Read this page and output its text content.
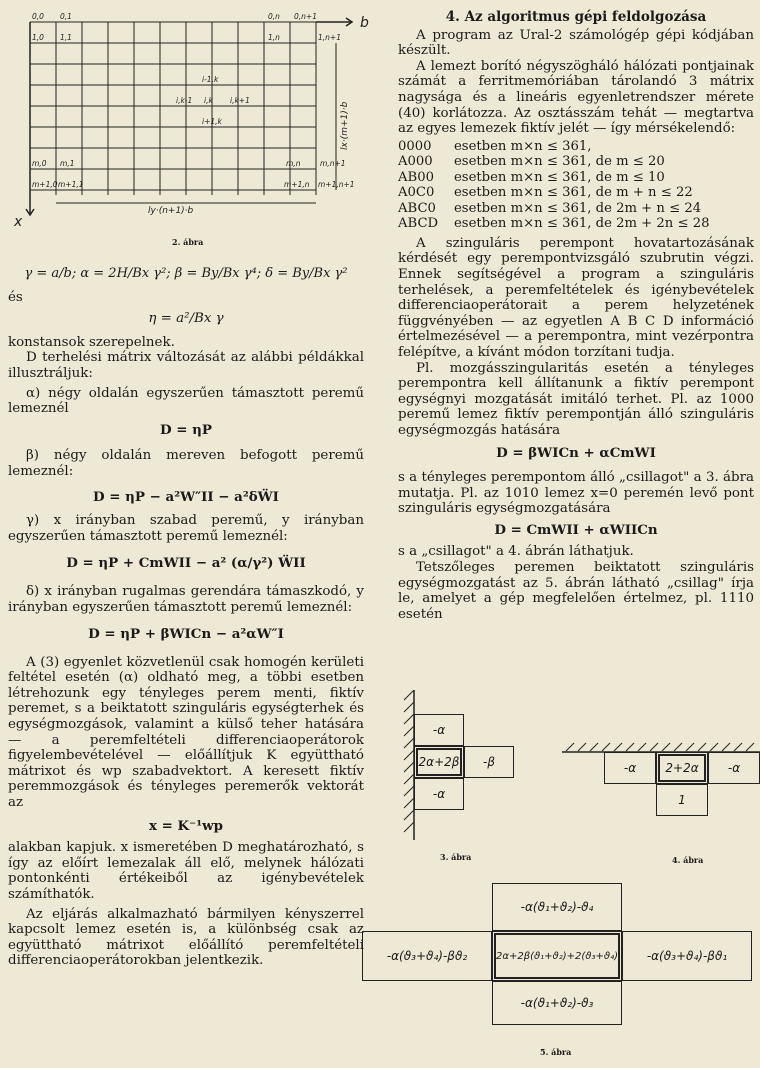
0,0 0,1	0,n 0,n+1
1,0 1,1	1,n	1,n+1
i-1,k
i,k-1 i,k i,k+1
i+1,k
m,0 m,1	m,n	m,n+1
m+1,0 m+1,1	m+1,n m+1,n+1
b
x
ly·(n+1)·b
lx·(m+1)·b
2. ábra

γ = a/b; α = 2H/Bx γ²; β = By/Bx γ⁴; δ = By/Bx γ²

és

η = a²/Bx γ

konstansok szerepelnek.

D terhelési mátrix változását az alábbi példákkal illusztráljuk:

α) négy oldalán egyszerűen támasztott peremű lemeznél

D = ηP

β) négy oldalán mereven befogott peremű lemeznél:

D = ηP − a²W″II − a²δẄI

γ) x irányban szabad peremű, y irányban egyszerűen támasztott peremű lemeznél:

D = ηP + CmWII − a² (α/γ²) ẄII

δ) x irányban rugalmas gerendára támaszkodó, y irányban egyszerűen támasztott peremű lemeznél:

D = ηP + βWICn − a²αW″I

A (3) egyenlet közvetlenül csak homogén kerületi feltétel esetén (α) oldható meg, a többi esetben létrehozunk egy tényleges perem menti, fiktív peremet, s a beiktatott szinguláris egységterhek és egységmozgások, valamint a külső teher hatására — a peremfeltételi differenciaoperátorok figyelembevételével — előállítjuk K együttható mátrixot és wp szabadvektort. A keresett fiktív peremmozgások és tényleges peremerők vektorát az

x = K⁻¹wp

alakban kapjuk. x ismeretében D meghatározható, s így az előírt lemezalak áll elő, melynek hálózati pontonkénti értékeiből az igénybevételek számíthatók.

Az eljárás alkalmazható bármilyen kényszerrel kapcsolt lemez esetén is, a különbség csak az együttható mátrixot előállító peremfeltételi differenciaoperátorokban jelentkezik.

4. Az algoritmus gépi feldolgozása

A program az Ural-2 számológép gépi kódjában készült.

A lemezt borító négyszögháló hálózati pontjainak számát a ferritmemóriában tárolandó 3 mátrix nagysága és a lineáris egyenletrendszer mérete (40) korlátozza. Az osztásszám tehát — megtartva az egyes lemezek fiktív jelét — így mérsékelendő:

0000	esetben m×n ≤ 361,
A000	esetben m×n ≤ 361, de m ≤ 20
AB00	esetben m×n ≤ 361, de m ≤ 10
A0C0	esetben m×n ≤ 361, de m + n ≤ 22
ABC0	esetben m×n ≤ 361, de 2m + n ≤ 24
ABCD	esetben m×n ≤ 361, de 2m + 2n ≤ 28

A szinguláris perempont hovatartozásának kérdését egy perempontvizsgáló szubrutin végzi. Ennek segítségével a program a szinguláris terhelések, a peremfeltételek és igénybevételek differenciaoperátorait a perem helyzetének függvényében — az egyetlen A B C D információ értelmezésével — a perempontra, mint vezérpontra felépítve, a kívánt módon torzítani tudja.

Pl. mozgásszingularitás esetén a tényleges perempontra kell állítanunk a fiktív perempont egységnyi mozgatását imitáló terhet. Pl. az 1000 peremű lemez fiktív perempontján álló szinguláris egységmozgás hatására

D = βWICn + αCmWI

s a tényleges perempontom álló „csillagot" a 3. ábra mutatja. Pl. az 1010 lemez x=0 peremén levő pont szinguláris egységmozgatására

D = CmWII + αWIICn

s a „csillagot" a 4. ábrán láthatjuk.

Tetszőleges peremen beiktatott szinguláris egységmozgatást az 5. ábrán látható „csillag" írja le, amelyet a gép megfelelően értelmez, pl. 1110 esetén

-α
2α+2β	-β
-α
3. ábra
-α	2+2α	-α
1
4. ábra
-α(ϑ₁+ϑ₂)-ϑ₄
-α(ϑ₃+ϑ₄)-βϑ₂	2α+2β(ϑ₁+ϑ₂)+2(ϑ₃+ϑ₄)	-α(ϑ₃+ϑ₄)-βϑ₁
-α(ϑ₁+ϑ₂)-ϑ₃
5. ábra
